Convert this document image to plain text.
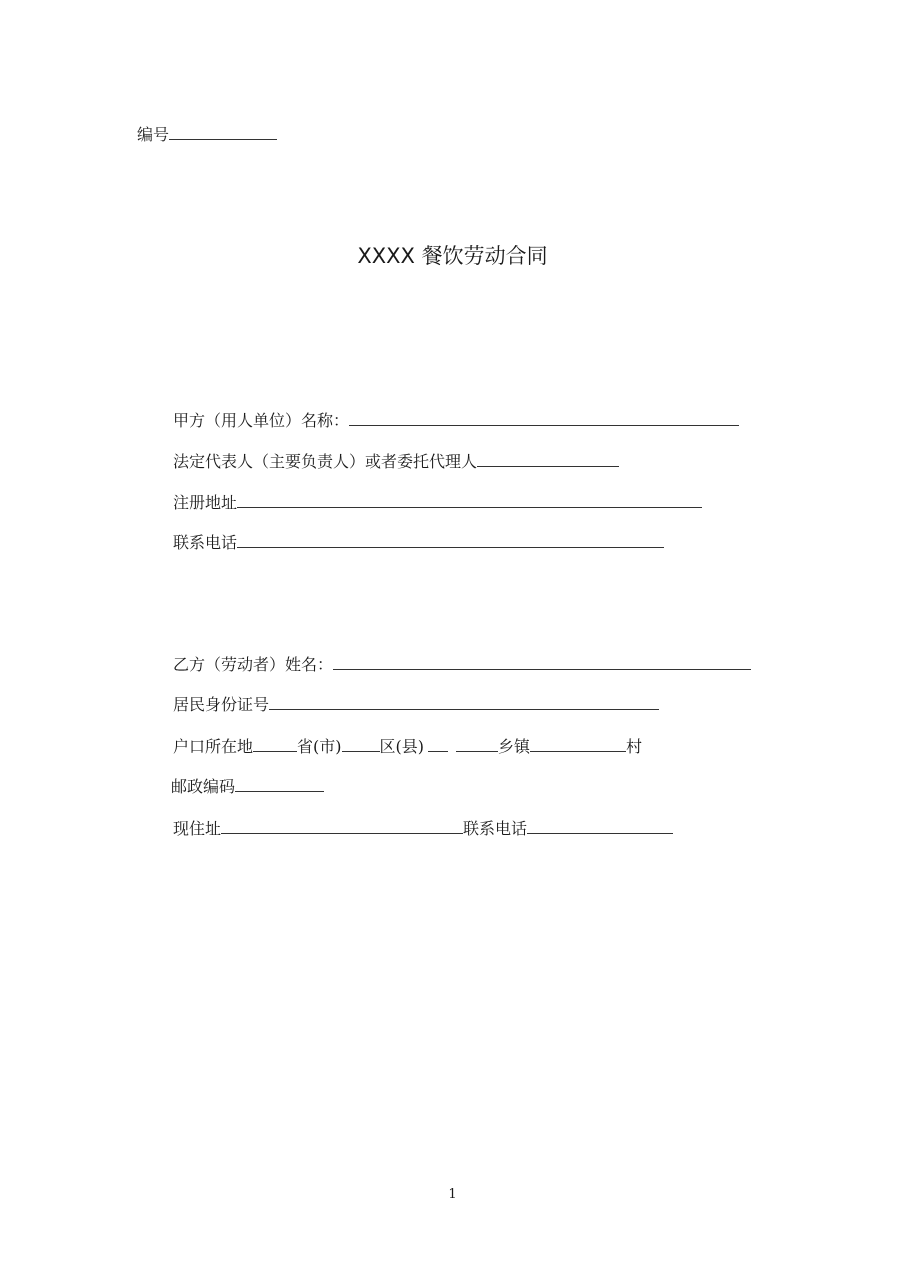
编号
XXXX 餐饮劳动合同
甲方（用人单位）名称：
法定代表人（主要负责人）或者委托代理人
注册地址
联系电话
乙方（劳动者）姓名：
居民身份证号
户口所在地	省(市) 区(县)	乡镇	村
邮政编码
现住址	联系电话
1
